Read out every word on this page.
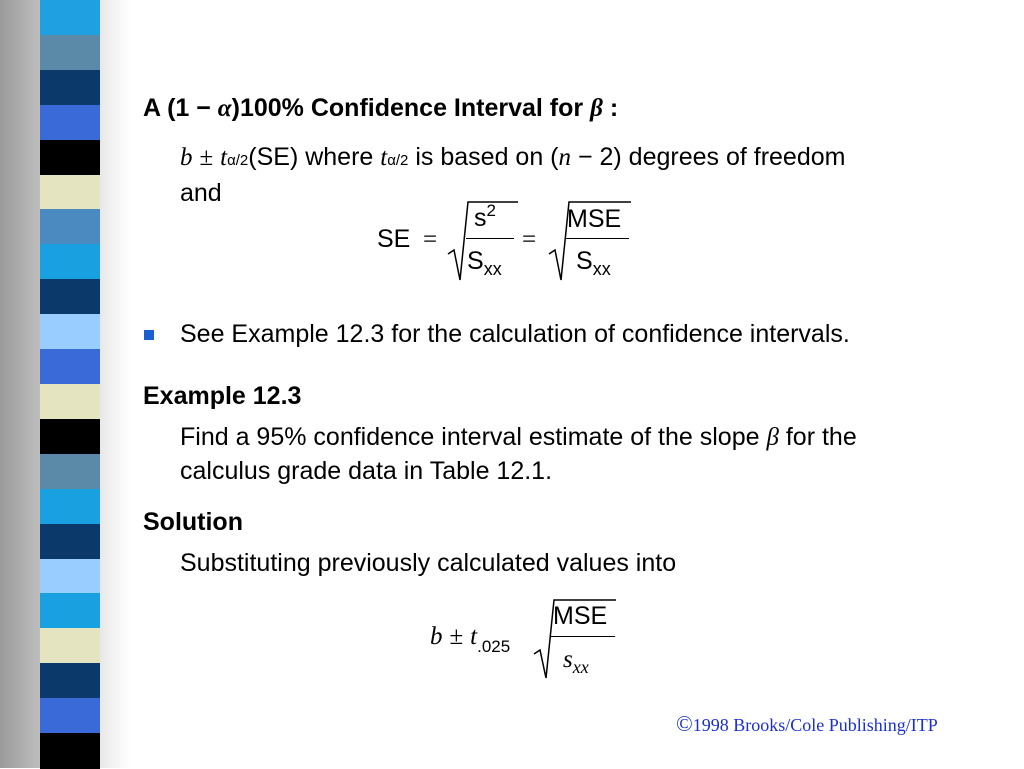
A (1 − α)100% Confidence Interval for β :
b ± tα/2(SE) where tα/2 is based on (n − 2) degrees of freedom
and
SE =
$s^2$
$S_{xx}$
=
MSE
$S_{xx}$
See Example 12.3 for the calculation of confidence intervals.
Example 12.3
Find a 95% confidence interval estimate of the slope β for the
calculus grade data in Table 12.1.
Solution
Substituting previously calculated values into
$b \pm t_{.025}$
MSE
$s_{xx}$
©1998 Brooks/Cole Publishing/ITP
